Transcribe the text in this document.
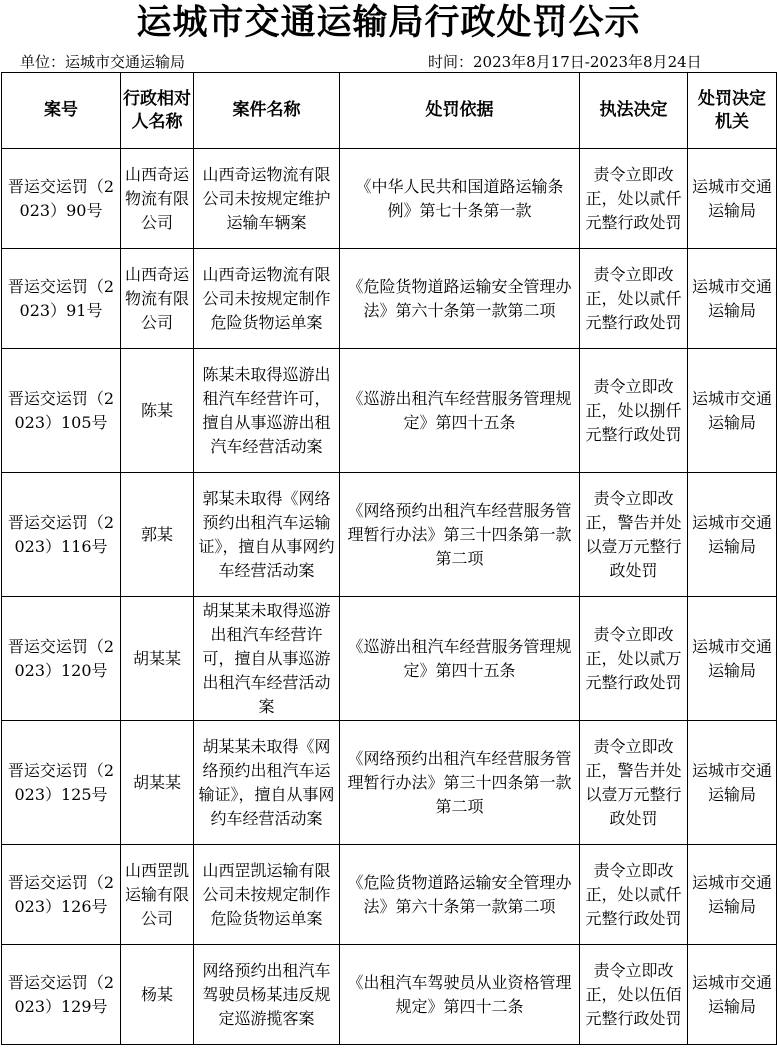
运城市交通运输局行政处罚公示
单位：运城市交通运输局	时间：2023年8月17日-2023年8月24日
案号	行政相对人名称	案件名称	处罚依据	执法决定	处罚决定机关
晋运交运罚（2023）90号	山西奇运物流有限公司	山西奇运物流有限公司未按规定维护运输车辆案	《中华人民共和国道路运输条例》第七十条第一款	责令立即改正，处以贰仟元整行政处罚	运城市交通运输局
晋运交运罚（2023）91号	山西奇运物流有限公司	山西奇运物流有限公司未按规定制作危险货物运单案	《危险货物道路运输安全管理办法》第六十条第一款第二项	责令立即改正，处以贰仟元整行政处罚	运城市交通运输局
晋运交运罚（2023）105号	陈某	陈某未取得巡游出租汽车经营许可，擅自从事巡游出租汽车经营活动案	《巡游出租汽车经营服务管理规定》第四十五条	责令立即改正，处以捌仟元整行政处罚	运城市交通运输局
晋运交运罚（2023）116号	郭某	郭某未取得《网络预约出租汽车运输证》，擅自从事网约车经营活动案	《网络预约出租汽车经营服务管理暂行办法》第三十四条第一款第二项	责令立即改正，警告并处以壹万元整行政处罚	运城市交通运输局
晋运交运罚（2023）120号	胡某某	胡某某未取得巡游出租汽车经营许可，擅自从事巡游出租汽车经营活动案	《巡游出租汽车经营服务管理规定》第四十五条	责令立即改正，处以贰万元整行政处罚	运城市交通运输局
晋运交运罚（2023）125号	胡某某	胡某某未取得《网络预约出租汽车运输证》，擅自从事网约车经营活动案	《网络预约出租汽车经营服务管理暂行办法》第三十四条第一款第二项	责令立即改正，警告并处以壹万元整行政处罚	运城市交通运输局
晋运交运罚（2023）126号	山西罡凯运输有限公司	山西罡凯运输有限公司未按规定制作危险货物运单案	《危险货物道路运输安全管理办法》第六十条第一款第二项	责令立即改正，处以贰仟元整行政处罚	运城市交通运输局
晋运交运罚（2023）129号	杨某	网络预约出租汽车驾驶员杨某违反规定巡游揽客案	《出租汽车驾驶员从业资格管理规定》第四十二条	责令立即改正，处以伍佰元整行政处罚	运城市交通运输局
